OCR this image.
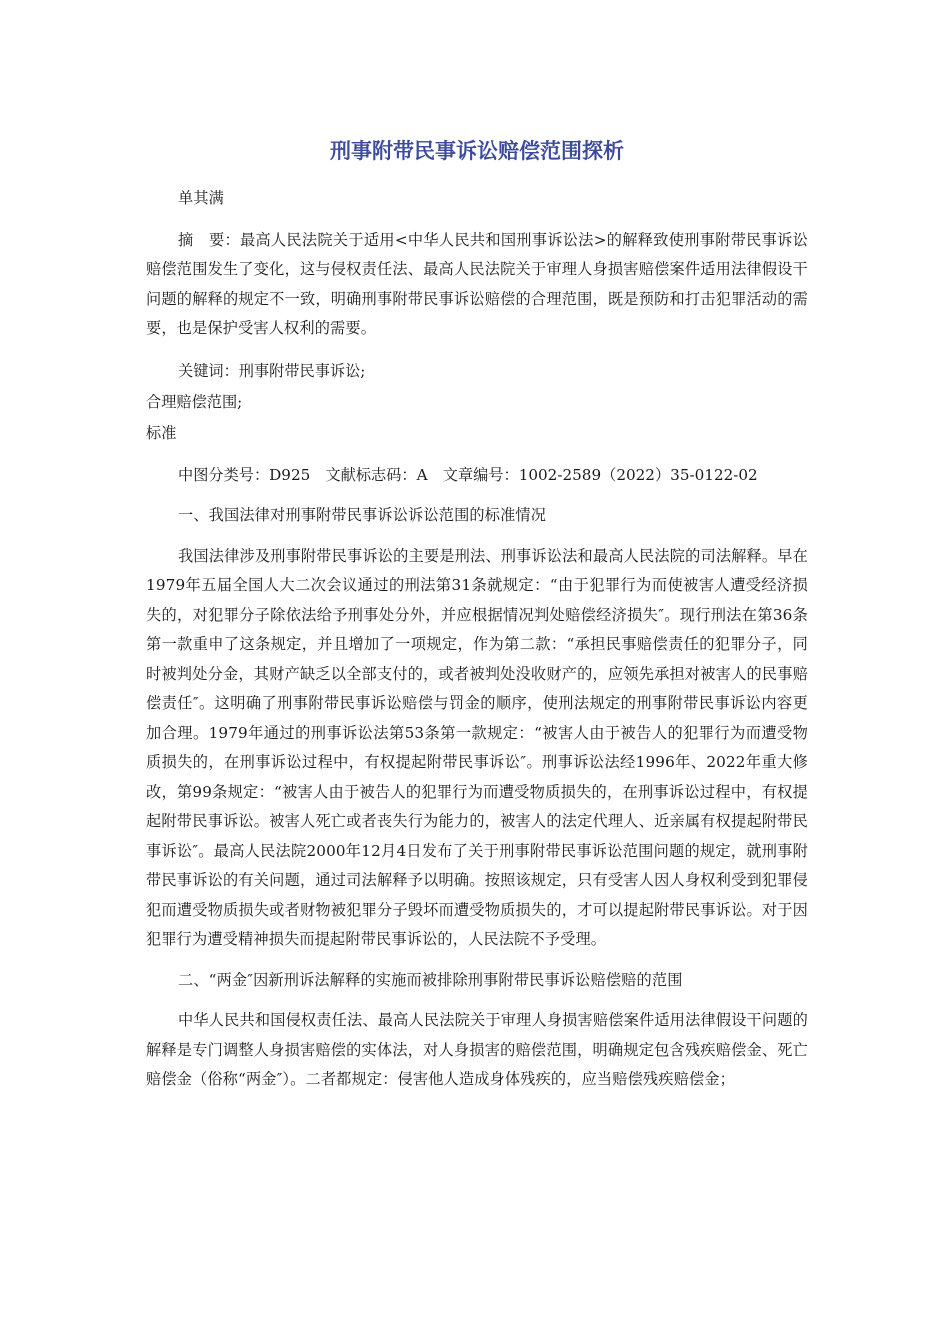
刑事附带民事诉讼赔偿范围探析

单其满

摘　要：最高人民法院关于适用<中华人民共和国刑事诉讼法>的解释致使刑事附带民事诉讼赔偿范围发生了变化，这与侵权责任法、最高人民法院关于审理人身损害赔偿案件适用法律假设干问题的解释的规定不一致，明确刑事附带民事诉讼赔偿的合理范围，既是预防和打击犯罪活动的需要，也是保护受害人权利的需要。

关键词：刑事附带民事诉讼;

合理赔偿范围;

标准

中图分类号：D925　文献标志码：A　文章编号：1002-2589（2022）35-0122-02

一、我国法律对刑事附带民事诉讼诉讼范围的标准情况

我国法律涉及刑事附带民事诉讼的主要是刑法、刑事诉讼法和最高人民法院的司法解释。早在1979年五届全国人大二次会议通过的刑法第31条就规定：“由于犯罪行为而使被害人遭受经济损失的，对犯罪分子除依法给予刑事处分外，并应根据情况判处赔偿经济损失″。现行刑法在第36条第一款重申了这条规定，并且增加了一项规定，作为第二款：“承担民事赔偿责任的犯罪分子，同时被判处分金，其财产缺乏以全部支付的，或者被判处没收财产的，应领先承担对被害人的民事赔偿责任″。这明确了刑事附带民事诉讼赔偿与罚金的顺序，使刑法规定的刑事附带民事诉讼内容更加合理。1979年通过的刑事诉讼法第53条第一款规定：“被害人由于被告人的犯罪行为而遭受物质损失的，在刑事诉讼过程中，有权提起附带民事诉讼″。刑事诉讼法经1996年、2022年重大修改，第99条规定：“被害人由于被告人的犯罪行为而遭受物质损失的，在刑事诉讼过程中，有权提起附带民事诉讼。被害人死亡或者丧失行为能力的，被害人的法定代理人、近亲属有权提起附带民事诉讼″。最高人民法院2000年12月4日发布了关于刑事附带民事诉讼范围问题的规定，就刑事附带民事诉讼的有关问题，通过司法解释予以明确。按照该规定，只有受害人因人身权利受到犯罪侵犯而遭受物质损失或者财物被犯罪分子毁坏而遭受物质损失的，才可以提起附带民事诉讼。对于因犯罪行为遭受精神损失而提起附带民事诉讼的，人民法院不予受理。

二、“两金″因新刑诉法解释的实施而被排除刑事附带民事诉讼赔偿赔的范围

中华人民共和国侵权责任法、最高人民法院关于审理人身损害赔偿案件适用法律假设干问题的解释是专门调整人身损害赔偿的实体法，对人身损害的赔偿范围，明确规定包含残疾赔偿金、死亡赔偿金（俗称“两金″）。二者都规定：侵害他人造成身体残疾的，应当赔偿残疾赔偿金；
